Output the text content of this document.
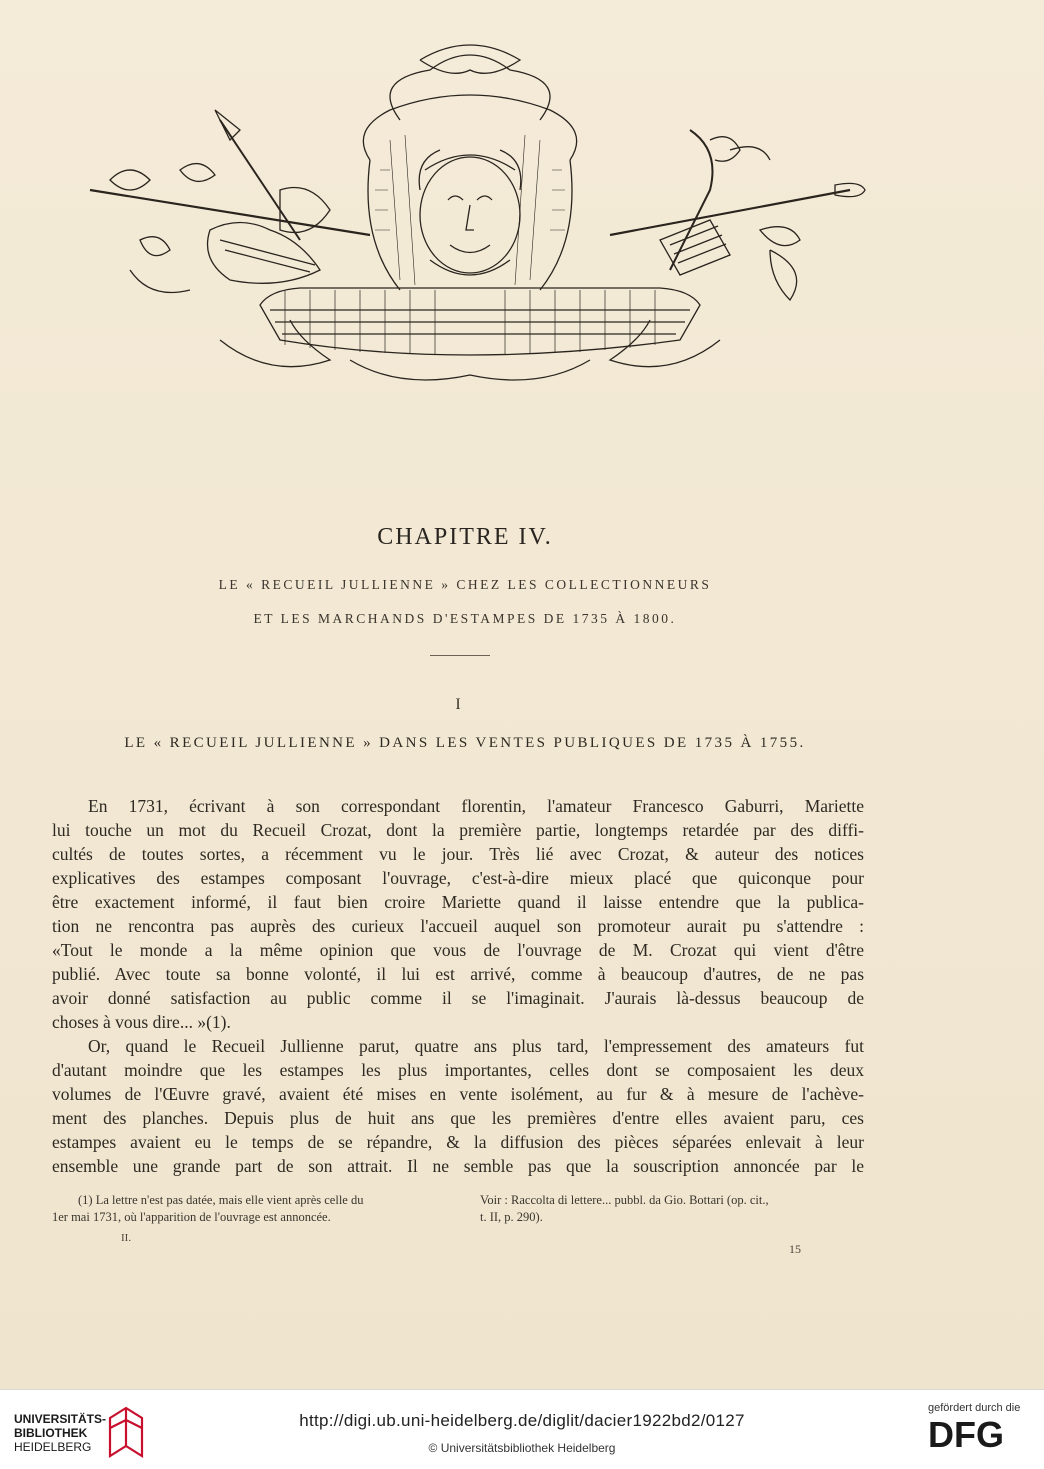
CHAPITRE IV.
LE « RECUEIL JULLIENNE » CHEZ LES COLLECTIONNEURS
ET LES MARCHANDS D'ESTAMPES DE 1735 À 1800.
I
LE « RECUEIL JULLIENNE » DANS LES VENTES PUBLIQUES DE 1735 À 1755.
En 1731, écrivant à son correspondant florentin, l'amateur Francesco Gaburri, Mariette
lui touche un mot du Recueil Crozat, dont la première partie, longtemps retardée par des diffi-
cultés de toutes sortes, a récemment vu le jour. Très lié avec Crozat, & auteur des notices
explicatives des estampes composant l'ouvrage, c'est-à-dire mieux placé que quiconque pour
être exactement informé, il faut bien croire Mariette quand il laisse entendre que la publica-
tion ne rencontra pas auprès des curieux l'accueil auquel son promoteur aurait pu s'attendre :
«Tout le monde a la même opinion que vous de l'ouvrage de M. Crozat qui vient d'être
publié. Avec toute sa bonne volonté, il lui est arrivé, comme à beaucoup d'autres, de ne pas
avoir donné satisfaction au public comme il se l'imaginait. J'aurais là-dessus beaucoup de
choses à vous dire... »(1).
Or, quand le Recueil Jullienne parut, quatre ans plus tard, l'empressement des amateurs fut
d'autant moindre que les estampes les plus importantes, celles dont se composaient les deux
volumes de l'Œuvre gravé, avaient été mises en vente isolément, au fur & à mesure de l'achève-
ment des planches. Depuis plus de huit ans que les premières d'entre elles avaient paru, ces
estampes avaient eu le temps de se répandre, & la diffusion des pièces séparées enlevait à leur
ensemble une grande part de son attrait. Il ne semble pas que la souscription annoncée par le
(1) La lettre n'est pas datée, mais elle vient après celle du
1er mai 1731, où l'apparition de l'ouvrage est annoncée.
Voir : Raccolta di lettere... pubbl. da Gio. Bottari (op. cit.,
t. II, p. 290).
II.
15
UNIVERSITÄTS-
BIBLIOTHEK
HEIDELBERG
http://digi.ub.uni-heidelberg.de/diglit/dacier1922bd2/0127
© Universitätsbibliothek Heidelberg
gefördert durch die
DFG
